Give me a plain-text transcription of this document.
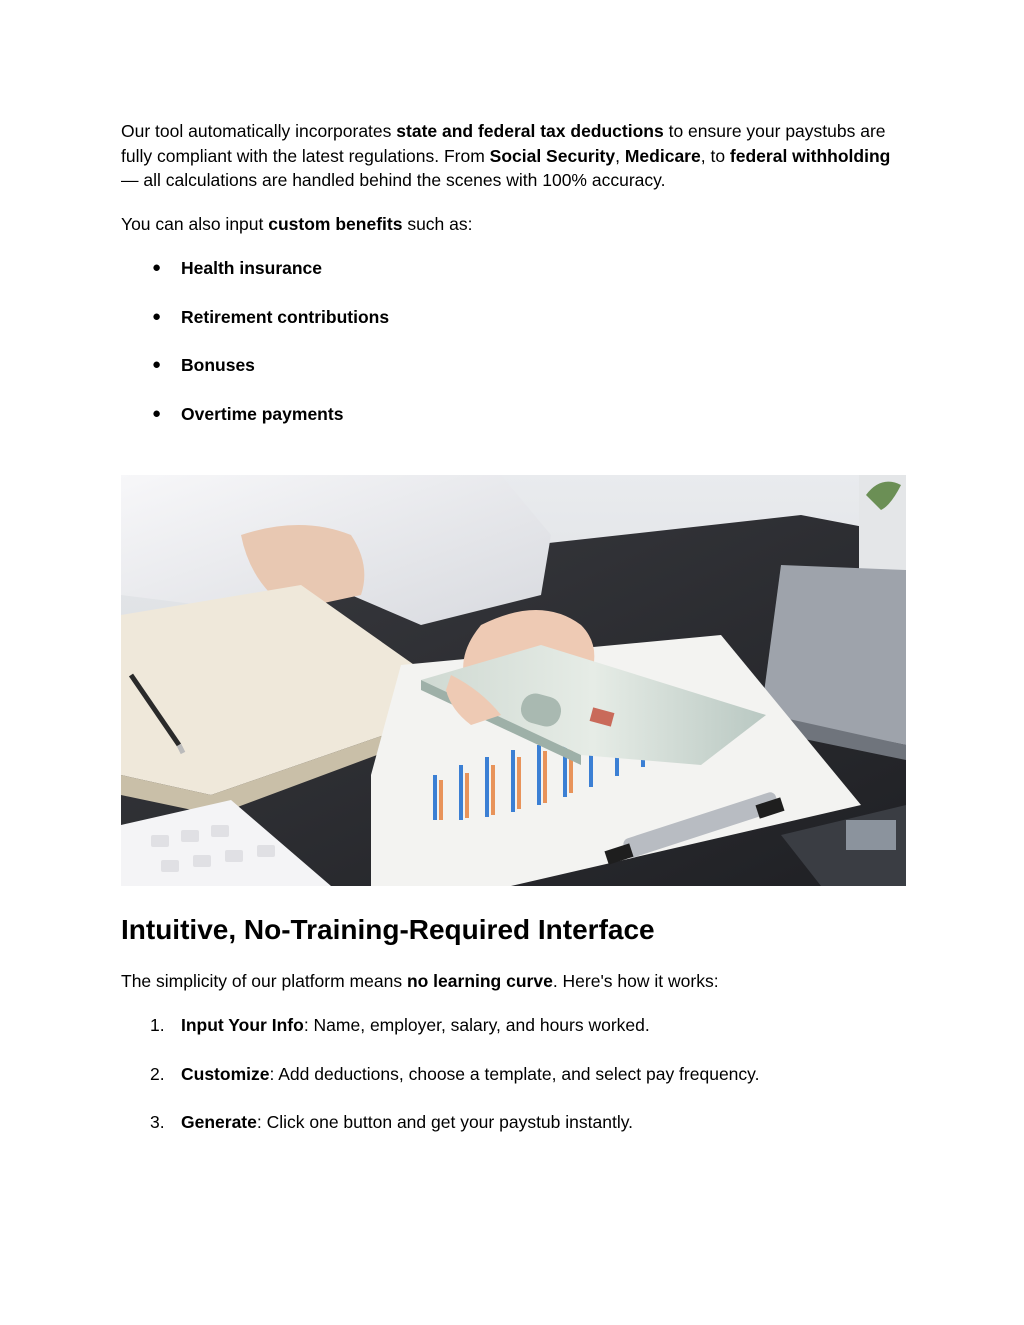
Our tool automatically incorporates state and federal tax deductions to ensure your paystubs are fully compliant with the latest regulations. From Social Security, Medicare, to federal withholding — all calculations are handled behind the scenes with 100% accuracy.

You can also input custom benefits such as:

● Health insurance
● Retirement contributions
● Bonuses
● Overtime payments
Intuitive, No-Training-Required Interface

The simplicity of our platform means no learning curve. Here's how it works:

1. Input Your Info: Name, employer, salary, and hours worked.
2. Customize: Add deductions, choose a template, and select pay frequency.
3. Generate: Click one button and get your paystub instantly.
